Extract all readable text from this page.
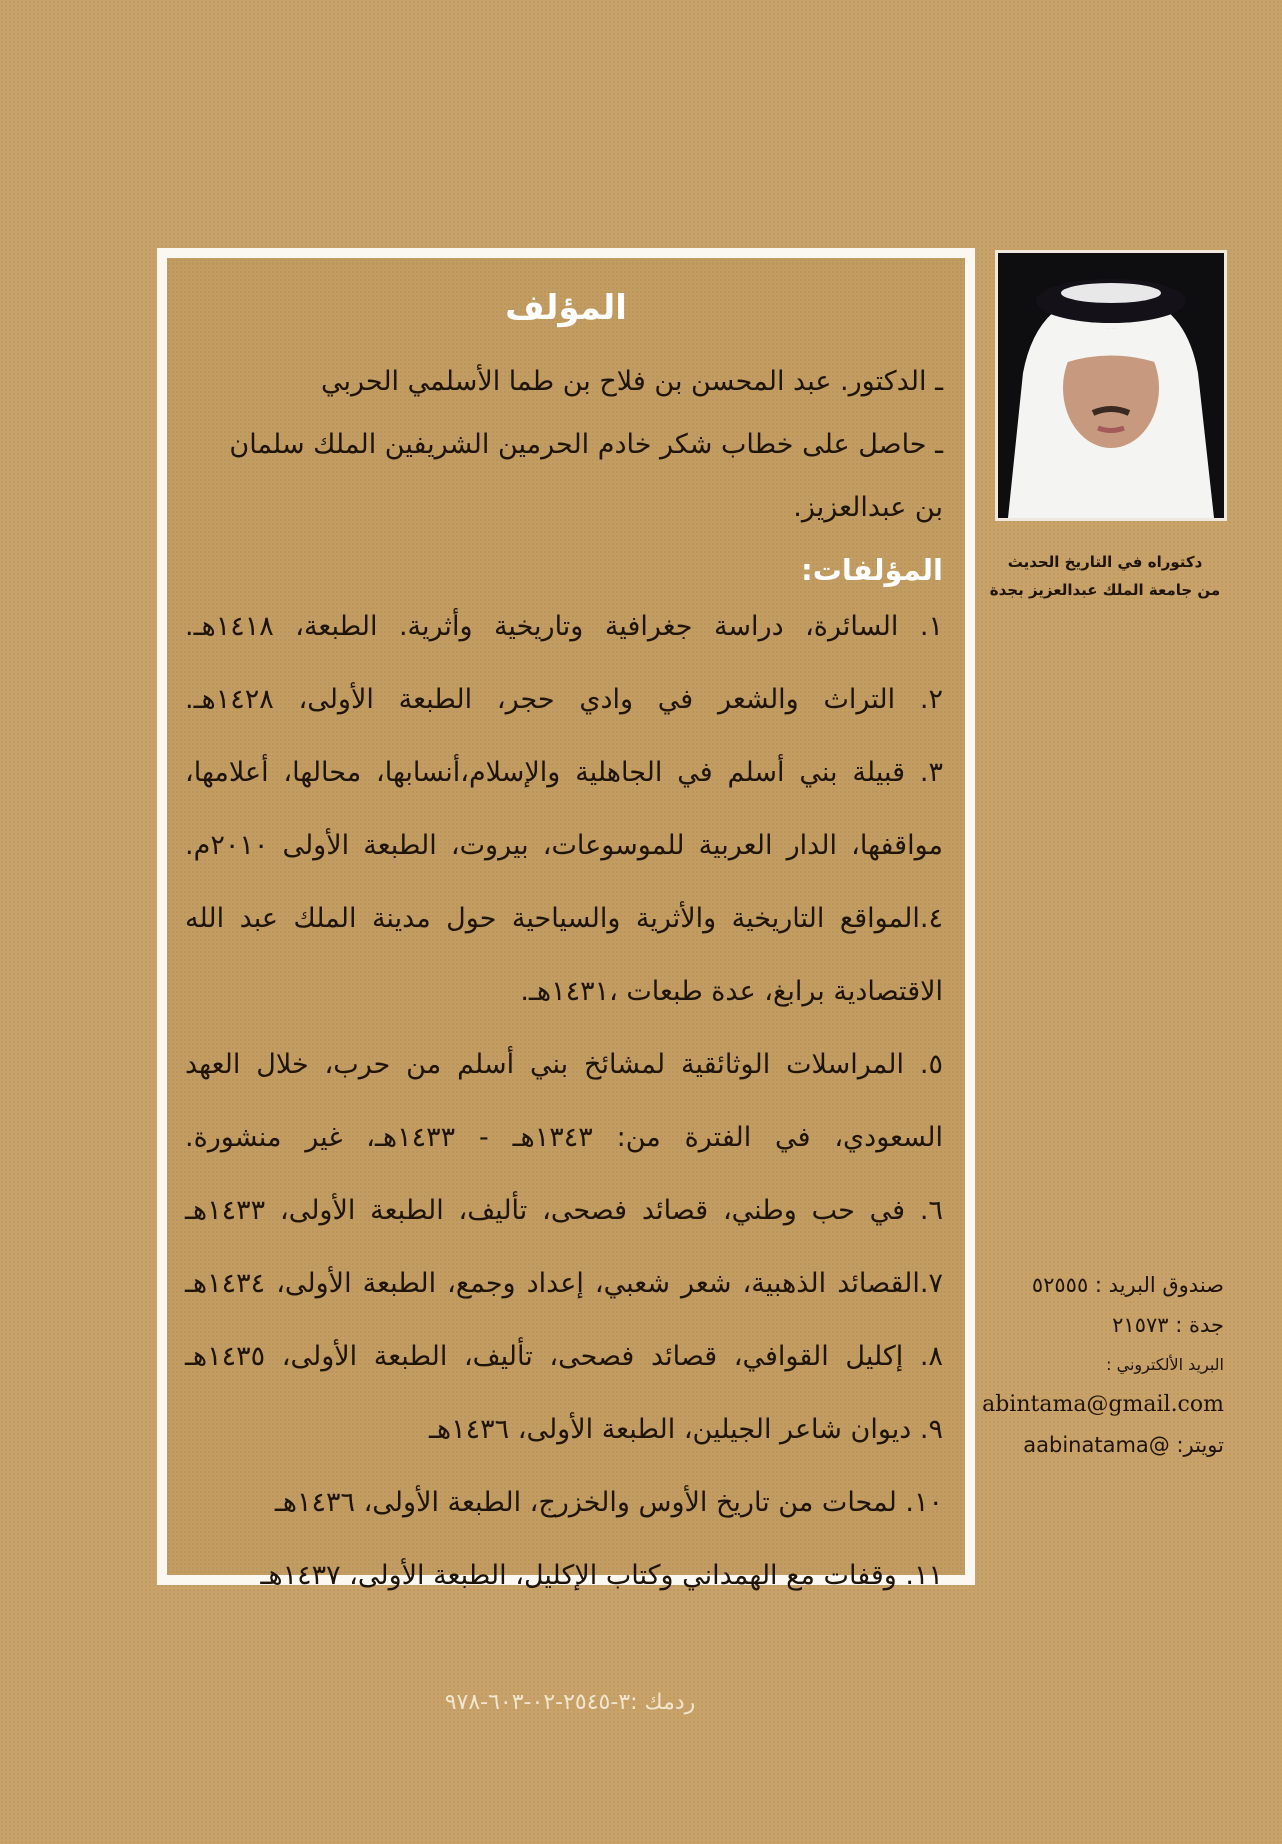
المؤلف
ـ الدكتور. عبد المحسن بن فلاح بن طما الأسلمي الحربي
ـ حاصل على خطاب شكر خادم الحرمين الشريفين الملك سلمان
بن عبدالعزيز.
المؤلفات:
١. السائرة، دراسة جغرافية وتاريخية وأثرية. الطبعة، ١٤١٨هـ.
٢. التراث والشعر في وادي حجر، الطبعة الأولى، ١٤٢٨هـ.
٣. قبيلة بني أسلم في الجاهلية والإسلام،أنسابها، محالها، أعلامها،
مواقفها، الدار العربية للموسوعات، بيروت، الطبعة الأولى ٢٠١٠م.
٤.المواقع التاريخية والأثرية والسياحية حول مدينة الملك عبد الله
الاقتصادية برابغ، عدة طبعات ،١٤٣١هـ.
٥. المراسلات الوثائقية لمشائخ بني أسلم من حرب، خلال العهد
السعودي، في الفترة من: ١٣٤٣هـ - ١٤٣٣هـ، غير منشورة.
٦. في حب وطني، قصائد فصحى، تأليف، الطبعة الأولى، ١٤٣٣هـ
٧.القصائد الذهبية، شعر شعبي، إعداد وجمع، الطبعة الأولى، ١٤٣٤هـ
٨. إكليل القوافي، قصائد فصحى، تأليف، الطبعة الأولى، ١٤٣٥هـ
٩. ديوان شاعر الجيلين، الطبعة الأولى، ١٤٣٦هـ
١٠. لمحات من تاريخ الأوس والخزرج، الطبعة الأولى، ١٤٣٦هـ
١١. وقفات مع الهمداني وكتاب الإكليل، الطبعة الأولى، ١٤٣٧هـ
دكتوراه في التاريخ الحديث
من جامعة الملك عبدالعزيز بجدة
صندوق البريد : ٥٢٥٥٥
جدة : ٢١٥٧٣
البريد الألكتروني :
abintama@gmail.com
تويتر: @aabinatama
ردمك :٣-٢٥٤٥-٠٢-٦٠٣-٩٧٨
